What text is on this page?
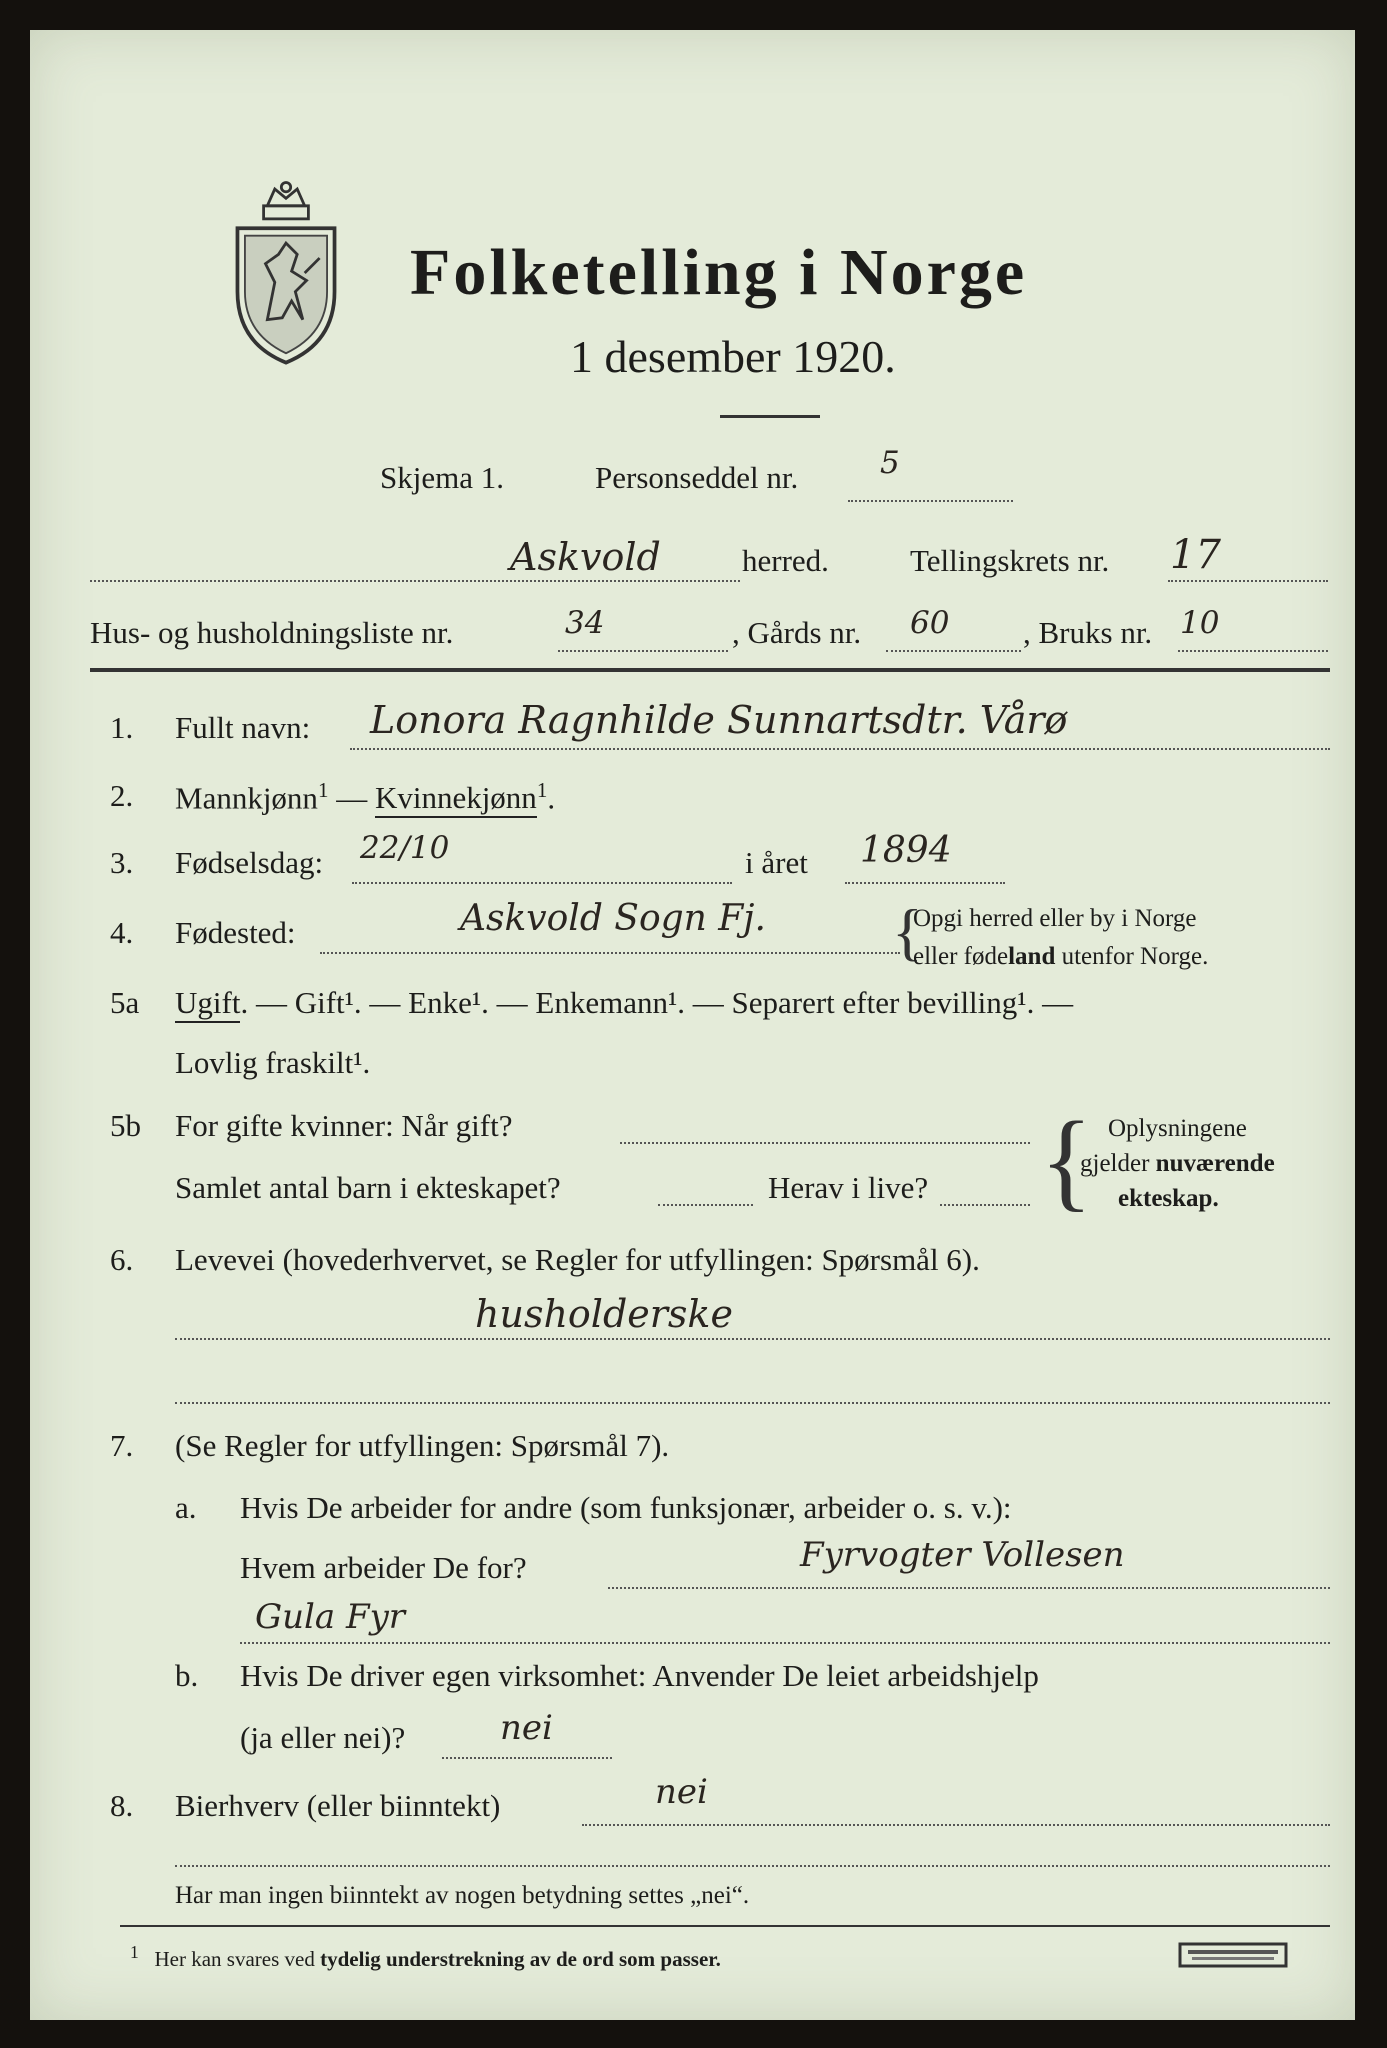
Folketelling i Norge
1 desember 1920.
Skjema 1.	Personseddel nr.	5
Askvold	herred.	Tellingskrets nr. 17
Hus- og husholdningsliste nr.	34	, Gårds nr. 60 , Bruks nr. 10
1. Fullt navn: Lonora Ragnhilde Sunnartsdtr. Vårø
2. Mannkjønn$^1$ — Kvinnekjønn$^1$.
3. Fødselsdag: 22/10	i året 1894
4. Fødested:	Askvold Sogn Fj. {
Opgi herred eller by i Norge
eller fødeland utenfor Norge.
5a Ugift. — Gift¹. — Enke¹. — Enkemann¹. — Separert efter bevilling¹. —
Lovlig fraskilt¹.
5b For gifte kvinner: Når gift?
Samlet antal barn i ekteskapet?	Herav i live? { Oplysningene
gjelder nuværende
ekteskap.
6. Levevei (hovederhvervet, se Regler for utfyllingen: Spørsmål 6).
husholderske
7. (Se Regler for utfyllingen: Spørsmål 7).
a. Hvis De arbeider for andre (som funksjonær, arbeider o. s. v.):
Hvem arbeider De for?	Fyrvogter Vollesen
Gula Fyr
b. Hvis De driver egen virksomhet: Anvender De leiet arbeidshjelp
(ja eller nei)?	nei
8. Bierhverv (eller biinntekt)	nei
Har man ingen biinntekt av nogen betydning settes „nei“.
$^1$ Her kan svares ved tydelig understrekning av de ord som passer.
